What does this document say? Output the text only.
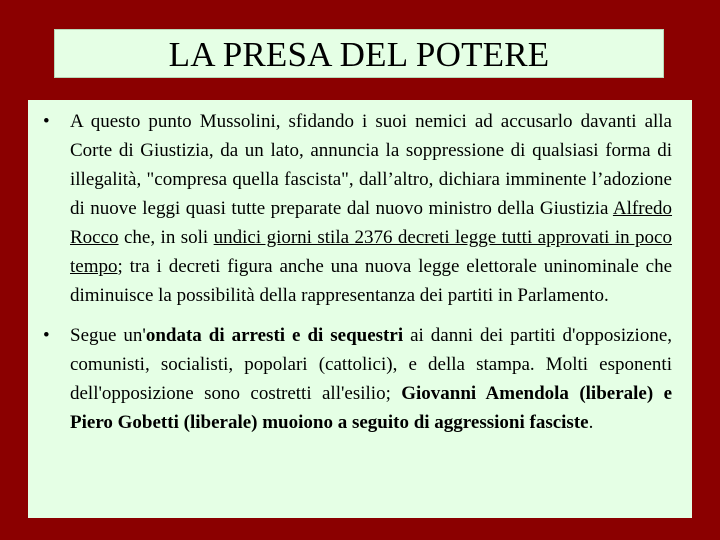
LA PRESA DEL POTERE
• A questo punto Mussolini, sfidando i suoi nemici ad accusarlo davanti alla Corte di Giustizia, da un lato, annuncia la soppressione di qualsiasi forma di illegalità, "compresa quella fascista", dall’altro, dichiara imminente l’adozione di nuove leggi quasi tutte preparate dal nuovo ministro della Giustizia Alfredo Rocco che, in soli undici giorni stila 2376 decreti legge tutti approvati in poco tempo; tra i decreti figura anche una nuova legge elettorale uninominale che diminuisce la possibilità della rappresentanza dei partiti in Parlamento.
• Segue un'ondata di arresti e di sequestri ai danni dei partiti d'opposizione, comunisti, socialisti, popolari (cattolici), e della stampa. Molti esponenti dell'opposizione sono costretti all'esilio; Giovanni Amendola (liberale) e Piero Gobetti (liberale) muoiono a seguito di aggressioni fasciste.
